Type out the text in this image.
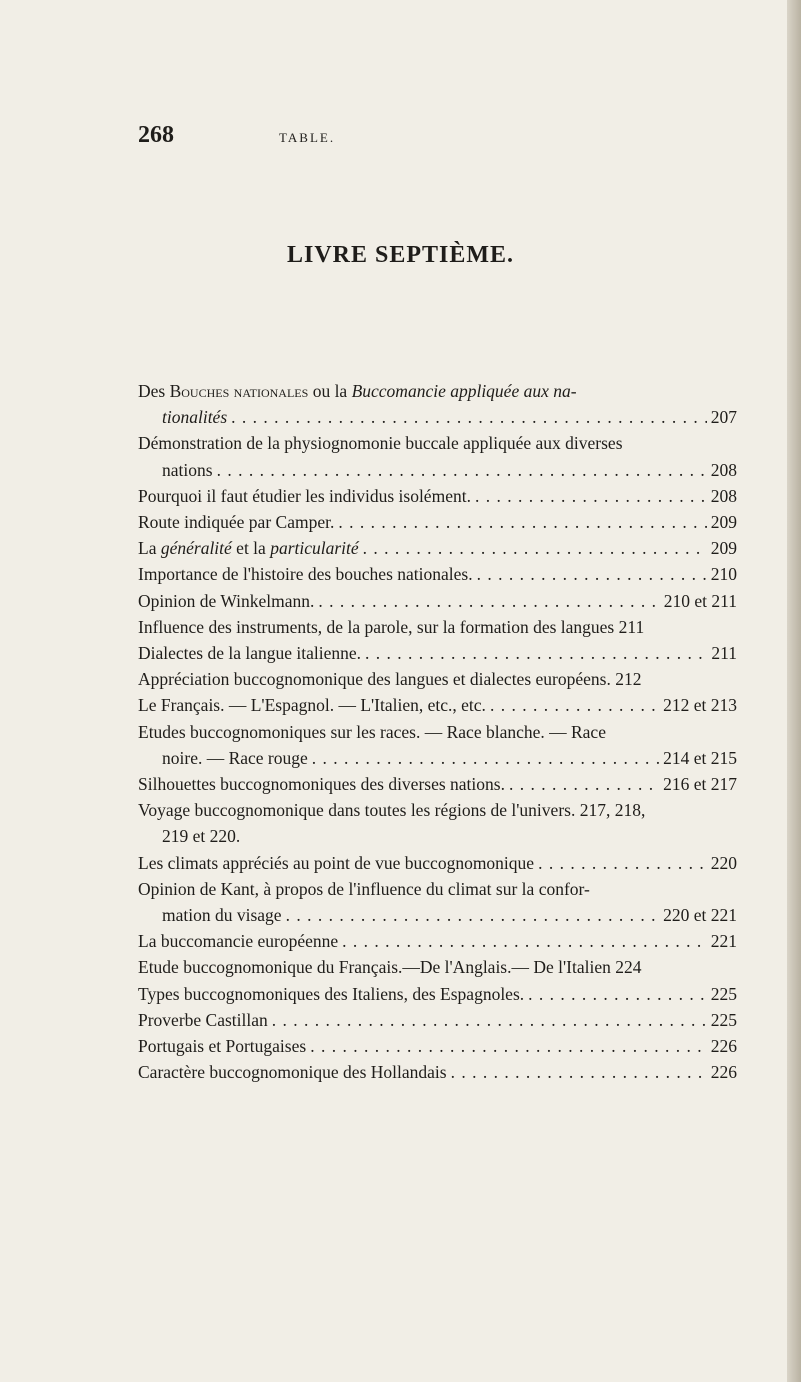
268	TABLE.
LIVRE SEPTIÈME.
Des Bouches nationales ou la Buccomancie appliquée aux na-
tionalités . . .	207
Démonstration de la physiognomonie buccale appliquée aux diverses
nations . . .	208
Pourquoi il faut étudier les individus isolément. . . .	208
Route indiquée par Camper. . . .	209
La généralité et la particularité . . .	209
Importance de l'histoire des bouches nationales. . . .	210
Opinion de Winkelmann. . . .	210 et 211
Influence des instruments, de la parole, sur la formation des langues 211
Dialectes de la langue italienne. . . .	211
Appréciation buccognomonique des langues et dialectes européens. 212
Le Français. — L'Espagnol. — L'Italien, etc., etc. . . .	212 et 213
Etudes buccognomoniques sur les races. — Race blanche. — Race
noire. — Race rouge . . .	214 et 215
Silhouettes buccognomoniques des diverses nations. . . .	216 et 217
Voyage buccognomonique dans toutes les régions de l'univers. 217, 218,
219 et 220.
Les climats appréciés au point de vue buccognomonique . . .	220
Opinion de Kant, à propos de l'influence du climat sur la confor-
mation du visage . . .	220 et 221
La buccomancie européenne . . .	221
Etude buccognomonique du Français.—De l'Anglais.— De l'Italien 224
Types buccognomoniques des Italiens, des Espagnoles. . . .	225
Proverbe Castillan . . .	225
Portugais et Portugaises . . .	226
Caractère buccognomonique des Hollandais . . .	226
